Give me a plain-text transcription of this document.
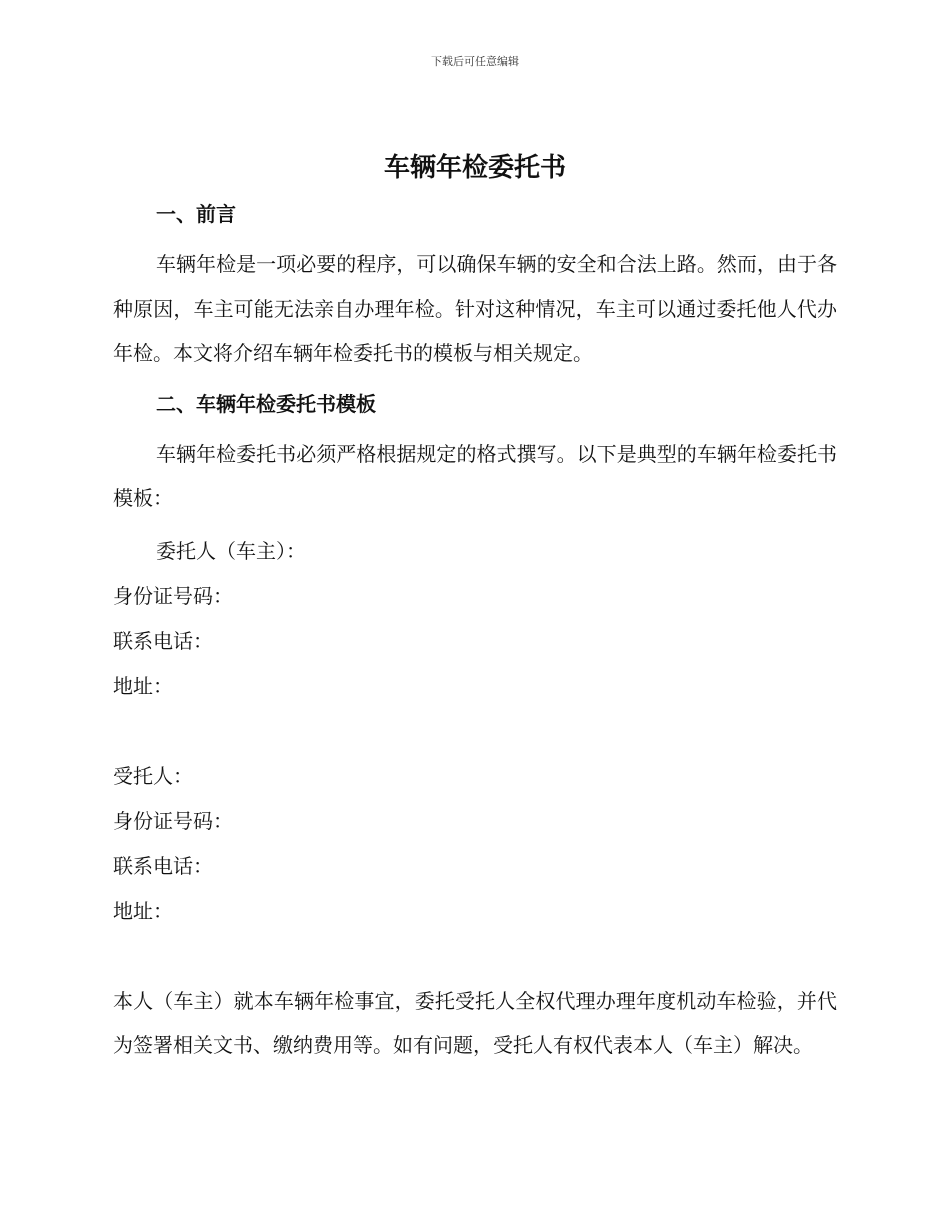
下载后可任意编辑
车辆年检委托书
一、前言

车辆年检是一项必要的程序，可以确保车辆的安全和合法上路。然而，由于各种原因，车主可能无法亲自办理年检。针对这种情况，车主可以通过委托他人代办年检。本文将介绍车辆年检委托书的模板与相关规定。

二、车辆年检委托书模板

车辆年检委托书必须严格根据规定的格式撰写。以下是典型的车辆年检委托书模板：

委托人（车主）：

身份证号码：

联系电话：

地址：

受托人：

身份证号码：

联系电话：

地址：

本人（车主）就本车辆年检事宜，委托受托人全权代理办理年度机动车检验，并代为签署相关文书、缴纳费用等。如有问题，受托人有权代表本人（车主）解决。
